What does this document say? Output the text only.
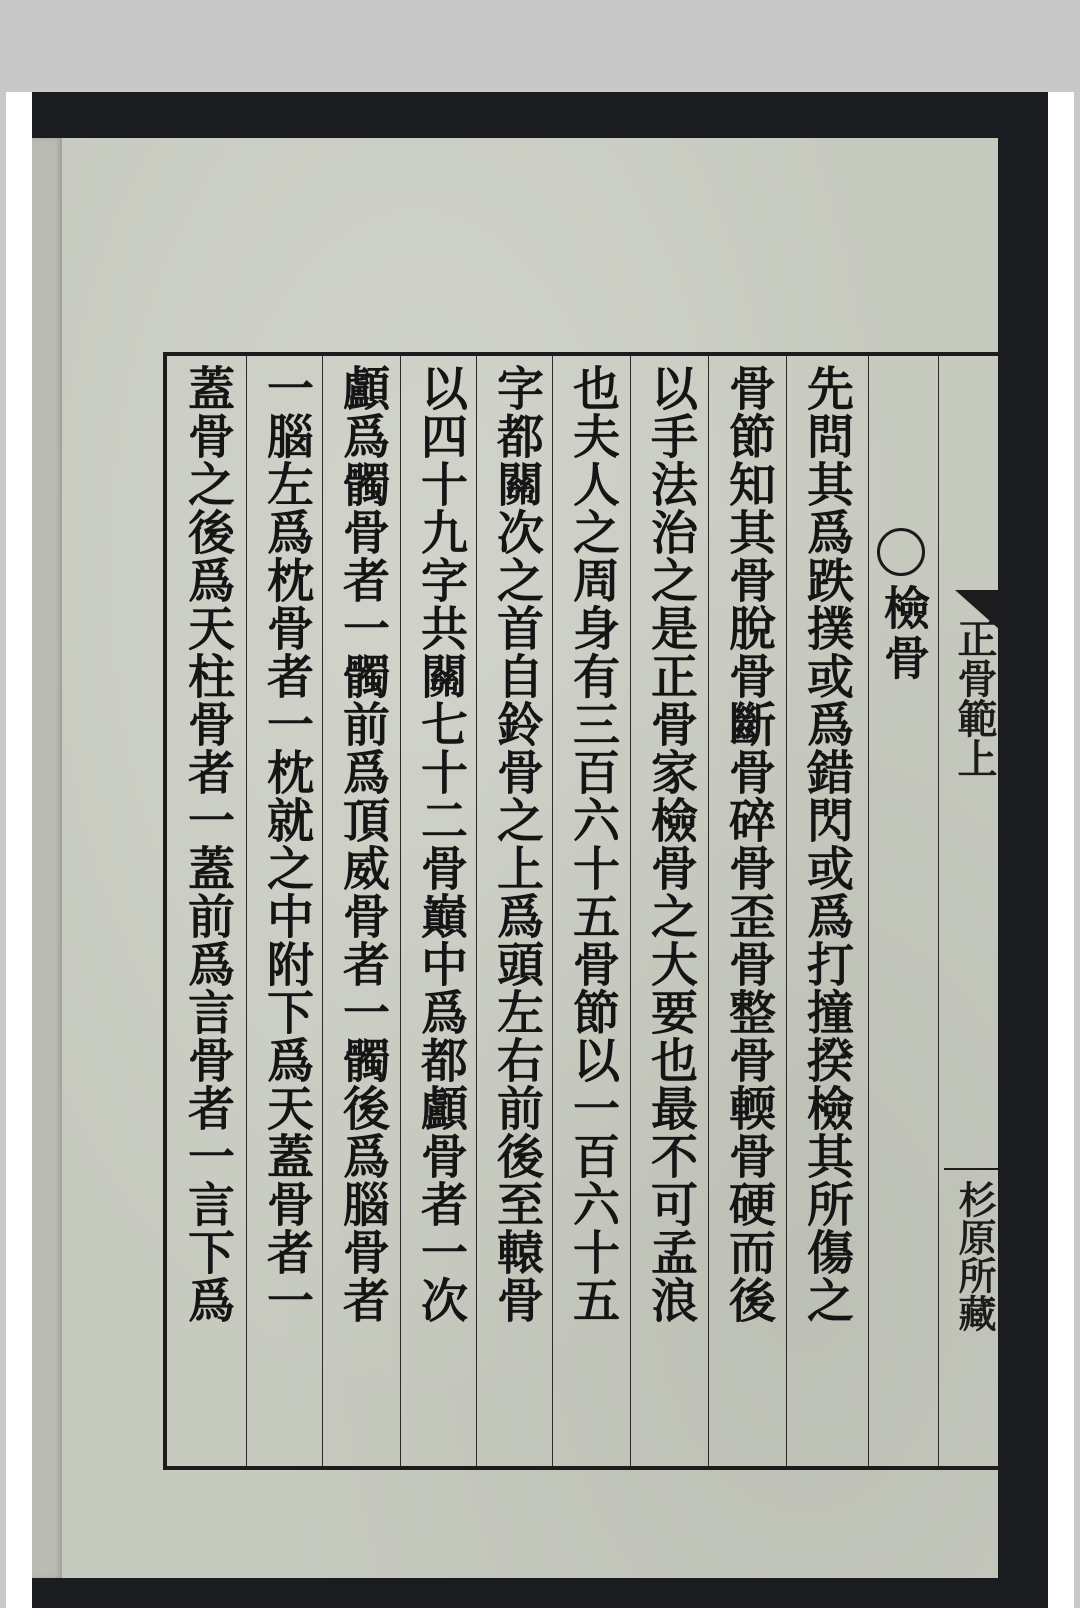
先問其爲跌撲或爲錯閃或爲打撞揆檢其所傷之
骨節知其骨脫骨斷骨碎骨歪骨整骨輭骨硬而後
以手法治之是正骨家檢骨之大要也最不可孟浪
也夫人之周身有三百六十五骨節以一百六十五
字都關次之首自鈴骨之上爲頭左右前後至轅骨
以四十九字共關七十二骨巔中爲都顱骨者一次
顱爲髑骨者一髑前爲頂威骨者一髑後爲腦骨者
一腦左爲枕骨者一枕就之中附下爲天蓋骨者一
蓋骨之後爲天柱骨者一蓋前爲言骨者一言下爲	檢骨 正骨範上
杉原所藏
